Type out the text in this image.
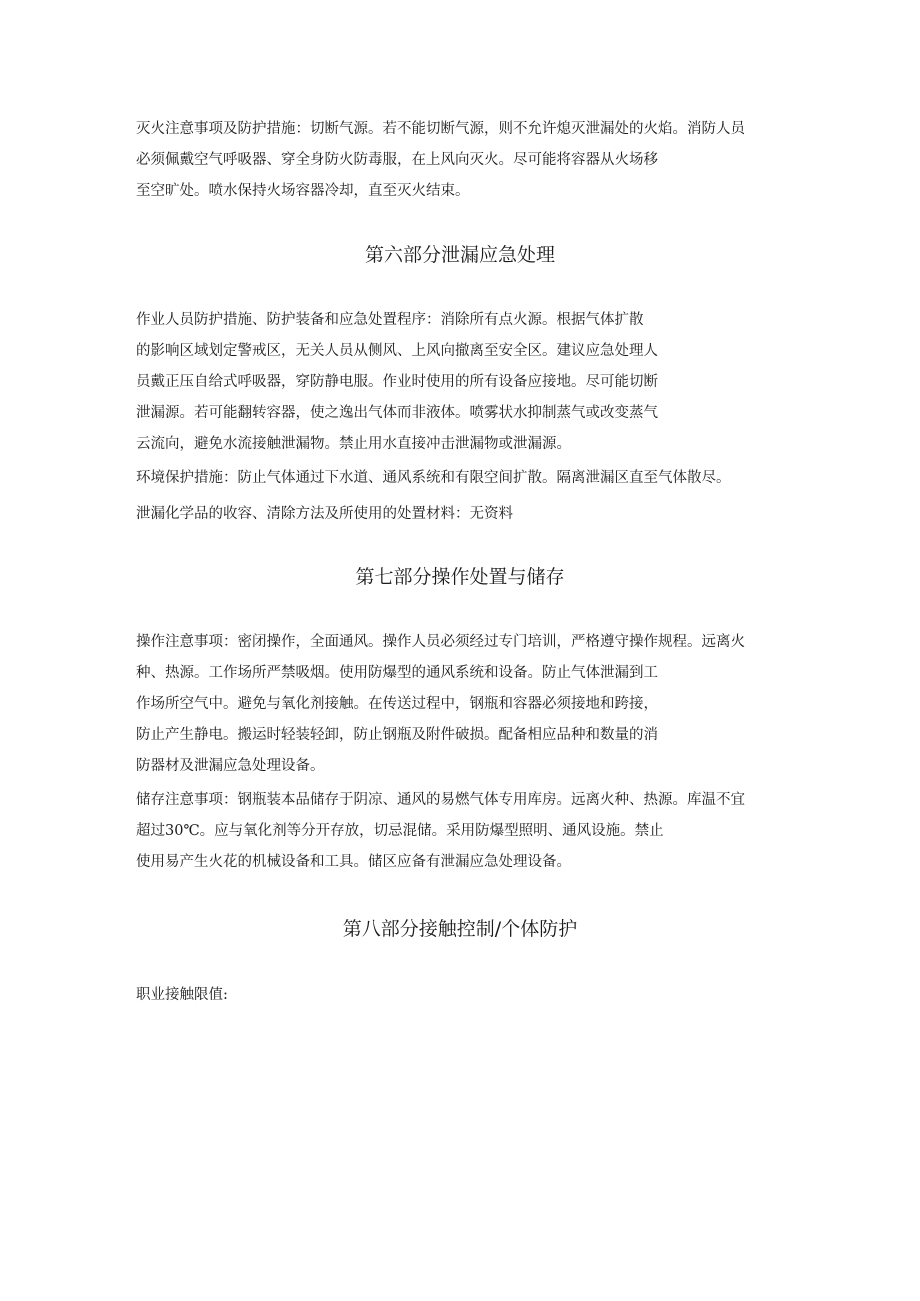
灭火注意事项及防护措施：切断气源。若不能切断气源，则不允许熄灭泄漏处的火焰。消防人员
必须佩戴空气呼吸器、穿全身防火防毒服，在上风向灭火。尽可能将容器从火场移
至空旷处。喷水保持火场容器冷却，直至灭火结束。

第六部分泄漏应急处理

作业人员防护措施、防护装备和应急处置程序：消除所有点火源。根据气体扩散
的影响区域划定警戒区，无关人员从侧风、上风向撤离至安全区。建议应急处理人
员戴正压自给式呼吸器，穿防静电服。作业时使用的所有设备应接地。尽可能切断
泄漏源。若可能翻转容器，使之逸出气体而非液体。喷雾状水抑制蒸气或改变蒸气
云流向，避免水流接触泄漏物。禁止用水直接冲击泄漏物或泄漏源。

环境保护措施：防止气体通过下水道、通风系统和有限空间扩散。隔离泄漏区直至气体散尽。

泄漏化学品的收容、清除方法及所使用的处置材料：无资料

第七部分操作处置与储存

操作注意事项：密闭操作，全面通风。操作人员必须经过专门培训，严格遵守操作规程。远离火
种、热源。工作场所严禁吸烟。使用防爆型的通风系统和设备。防止气体泄漏到工
作场所空气中。避免与氧化剂接触。在传送过程中，钢瓶和容器必须接地和跨接，
防止产生静电。搬运时轻装轻卸，防止钢瓶及附件破损。配备相应品种和数量的消
防器材及泄漏应急处理设备。

储存注意事项：钢瓶装本品储存于阴凉、通风的易燃气体专用库房。远离火种、热源。库温不宜
超过30℃。应与氧化剂等分开存放，切忌混储。采用防爆型照明、通风设施。禁止
使用易产生火花的机械设备和工具。储区应备有泄漏应急处理设备。

第八部分接触控制/个体防护

职业接触限值:
